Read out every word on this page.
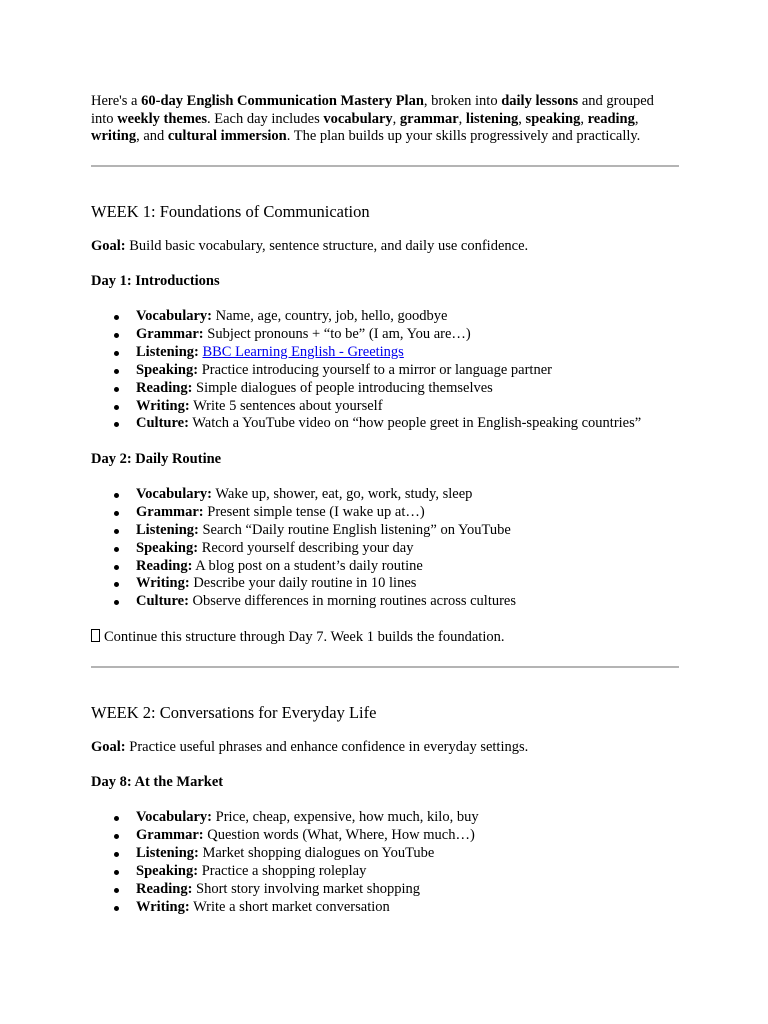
Here's a 60-day English Communication Mastery Plan, broken into daily lessons and grouped into weekly themes. Each day includes vocabulary, grammar, listening, speaking, reading, writing, and cultural immersion. The plan builds up your skills progressively and practically.

WEEK 1: Foundations of Communication

Goal: Build basic vocabulary, sentence structure, and daily use confidence.

Day 1: Introductions

Vocabulary: Name, age, country, job, hello, goodbye
Grammar: Subject pronouns + “to be” (I am, You are…)
Listening: BBC Learning English - Greetings
Speaking: Practice introducing yourself to a mirror or language partner
Reading: Simple dialogues of people introducing themselves
Writing: Write 5 sentences about yourself
Culture: Watch a YouTube video on “how people greet in English-speaking countries”

Day 2: Daily Routine

Vocabulary: Wake up, shower, eat, go, work, study, sleep
Grammar: Present simple tense (I wake up at…)
Listening: Search “Daily routine English listening” on YouTube
Speaking: Record yourself describing your day
Reading: A blog post on a student’s daily routine
Writing: Describe your daily routine in 10 lines
Culture: Observe differences in morning routines across cultures

Continue this structure through Day 7. Week 1 builds the foundation.

WEEK 2: Conversations for Everyday Life

Goal: Practice useful phrases and enhance confidence in everyday settings.

Day 8: At the Market

Vocabulary: Price, cheap, expensive, how much, kilo, buy
Grammar: Question words (What, Where, How much…)
Listening: Market shopping dialogues on YouTube
Speaking: Practice a shopping roleplay
Reading: Short story involving market shopping
Writing: Write a short market conversation
